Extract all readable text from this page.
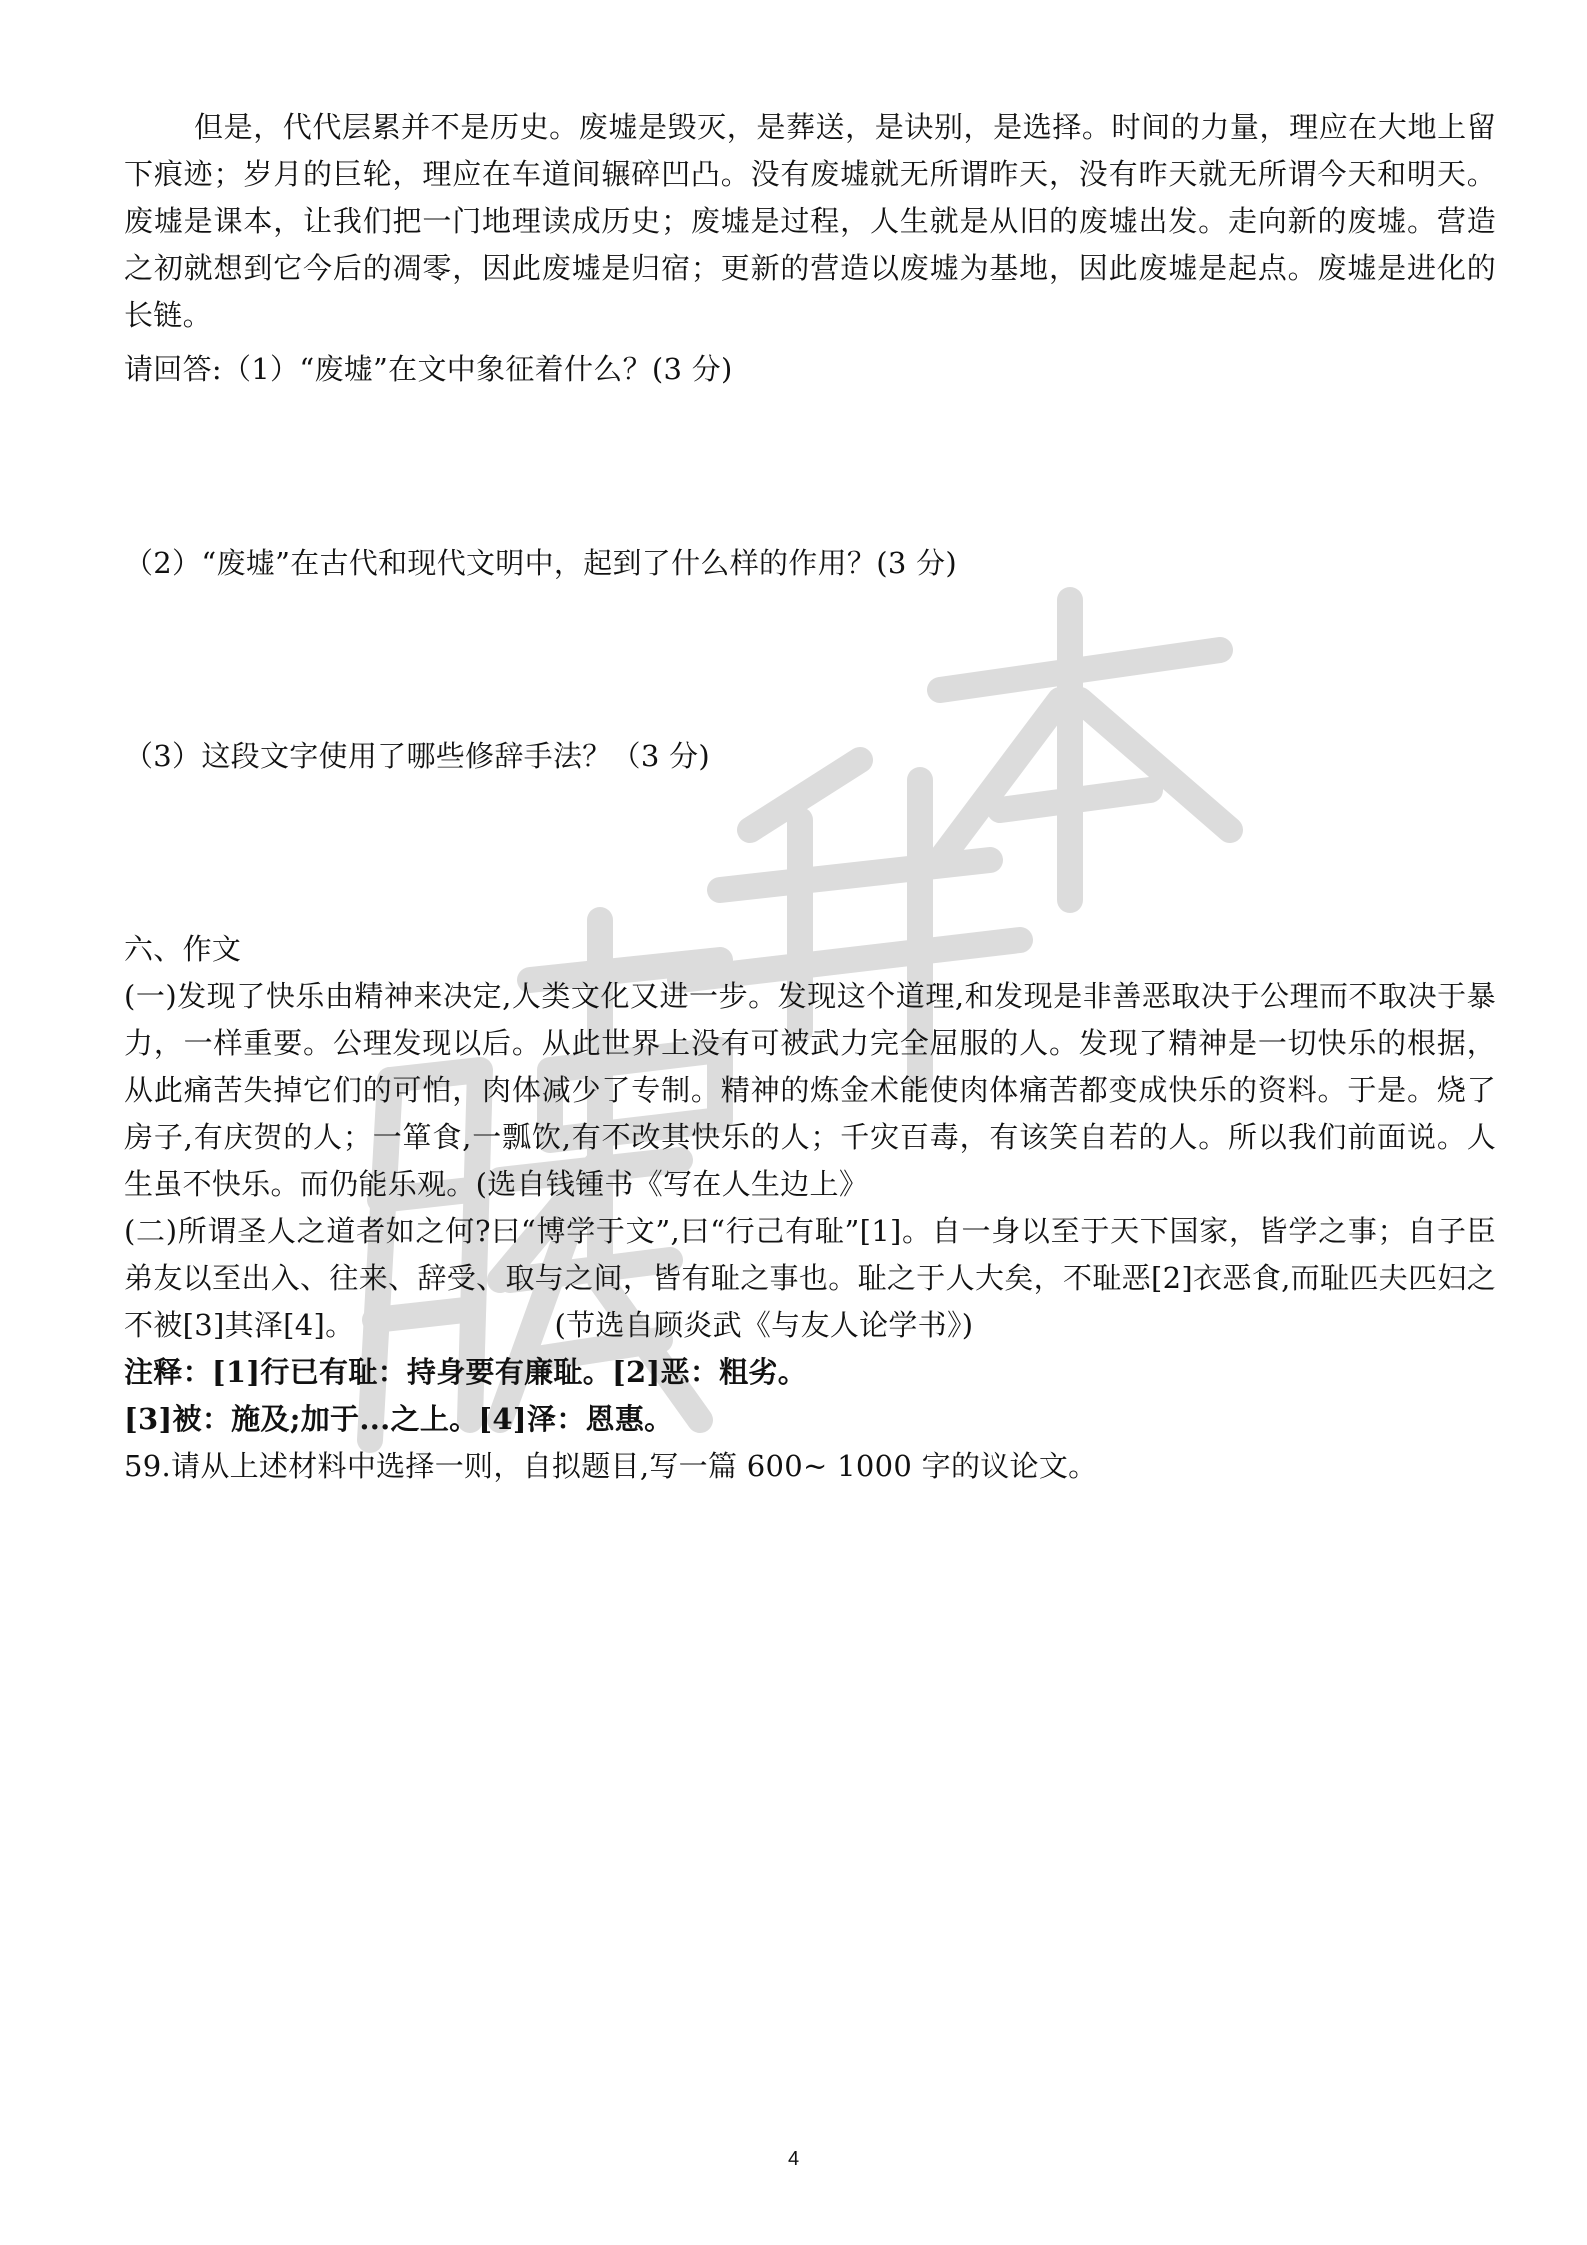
但是，代代层累并不是历史。废墟是毁灭，是葬送，是诀别，是选择。时间的力量，理应在大地上留下痕迹；岁月的巨轮，理应在车道间辗碎凹凸。没有废墟就无所谓昨天，没有昨天就无所谓今天和明天。废墟是课本，让我们把一门地理读成历史；废墟是过程，人生就是从旧的废墟出发。走向新的废墟。营造之初就想到它今后的凋零，因此废墟是归宿；更新的营造以废墟为基地，因此废墟是起点。废墟是进化的长链。

请回答:（1）“废墟”在文中象征着什么？(3 分)

（2）“废墟”在古代和现代文明中，起到了什么样的作用？(3 分)

（3）这段文字使用了哪些修辞手法？（3 分)

六、作文

(一)发现了快乐由精神来决定,人类文化又进一步。发现这个道理,和发现是非善恶取决于公理而不取决于暴力，一样重要。公理发现以后。从此世界上没有可被武力完全屈服的人。发现了精神是一切快乐的根据，从此痛苦失掉它们的可怕，肉体减少了专制。精神的炼金术能使肉体痛苦都变成快乐的资料。于是。烧了房子,有庆贺的人；一箪食,一瓢饮,有不改其快乐的人；千灾百毒，有该笑自若的人。所以我们前面说。人生虽不快乐。而仍能乐观。(选自钱锺书《写在人生边上》

(二)所谓圣人之道者如之何?曰“博学于文”,曰“行己有耻”[1]。自一身以至于天下国家，皆学之事；自子臣弟友以至出入、往来、辞受、取与之间，皆有耻之事也。耻之于人大矣，不耻恶[2]衣恶食,而耻匹夫匹妇之不被[3]其泽[4]。	(节选自顾炎武《与友人论学书》)

注释：[1]行已有耻：持身要有廉耻。[2]恶：粗劣。

[3]被：施及;加于...之上。[4]泽：恩惠。

59.请从上述材料中选择一则，自拟题目,写一篇 600~ 1000 字的议论文。

4
